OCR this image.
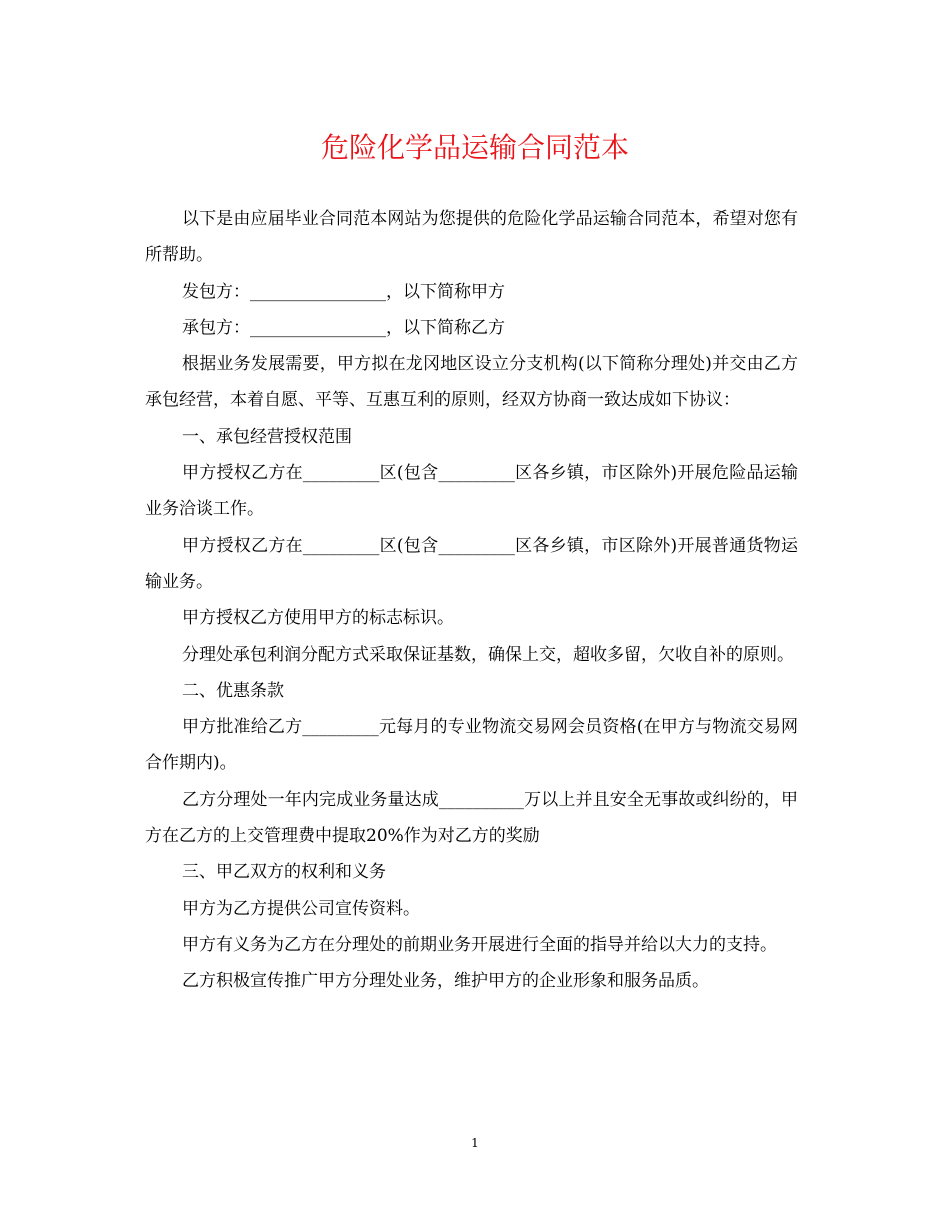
危险化学品运输合同范本

以下是由应届毕业合同范本网站为您提供的危险化学品运输合同范本，希望对您有所帮助。

发包方：________________，以下简称甲方

承包方：________________，以下简称乙方

根据业务发展需要，甲方拟在龙冈地区设立分支机构(以下简称分理处)并交由乙方承包经营，本着自愿、平等、互惠互利的原则，经双方协商一致达成如下协议：

一、承包经营授权范围

甲方授权乙方在_________区(包含_________区各乡镇，市区除外)开展危险品运输业务洽谈工作。

甲方授权乙方在_________区(包含_________区各乡镇，市区除外)开展普通货物运输业务。

甲方授权乙方使用甲方的标志标识。

分理处承包利润分配方式采取保证基数，确保上交，超收多留，欠收自补的原则。

二、优惠条款

甲方批准给乙方_________元每月的专业物流交易网会员资格(在甲方与物流交易网合作期内)。

乙方分理处一年内完成业务量达成__________万以上并且安全无事故或纠纷的，甲方在乙方的上交管理费中提取20%作为对乙方的奖励

三、甲乙双方的权利和义务

甲方为乙方提供公司宣传资料。

甲方有义务为乙方在分理处的前期业务开展进行全面的指导并给以大力的支持。

乙方积极宣传推广甲方分理处业务，维护甲方的企业形象和服务品质。

1
